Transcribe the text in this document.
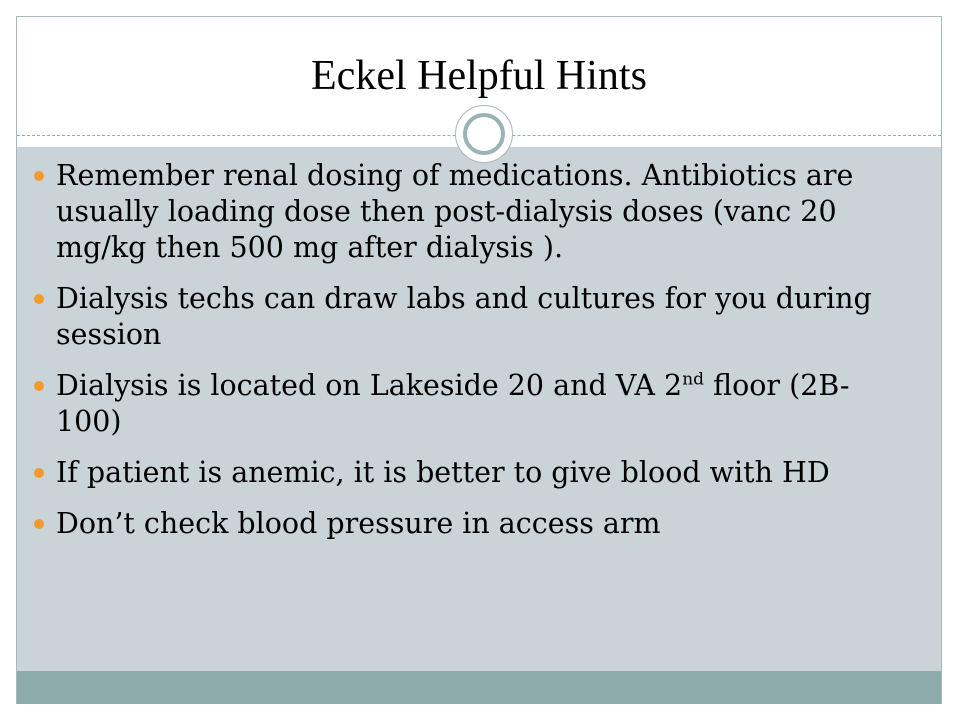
Eckel Helpful Hints
Remember renal dosing of medications. Antibiotics are usually loading dose then post-dialysis doses (vanc 20 mg/kg then 500 mg after dialysis ).
Dialysis techs can draw labs and cultures for you during session
Dialysis is located on Lakeside 20 and VA 2nd floor (2B-100)
If patient is anemic, it is better to give blood with HD
Don’t check blood pressure in access arm
